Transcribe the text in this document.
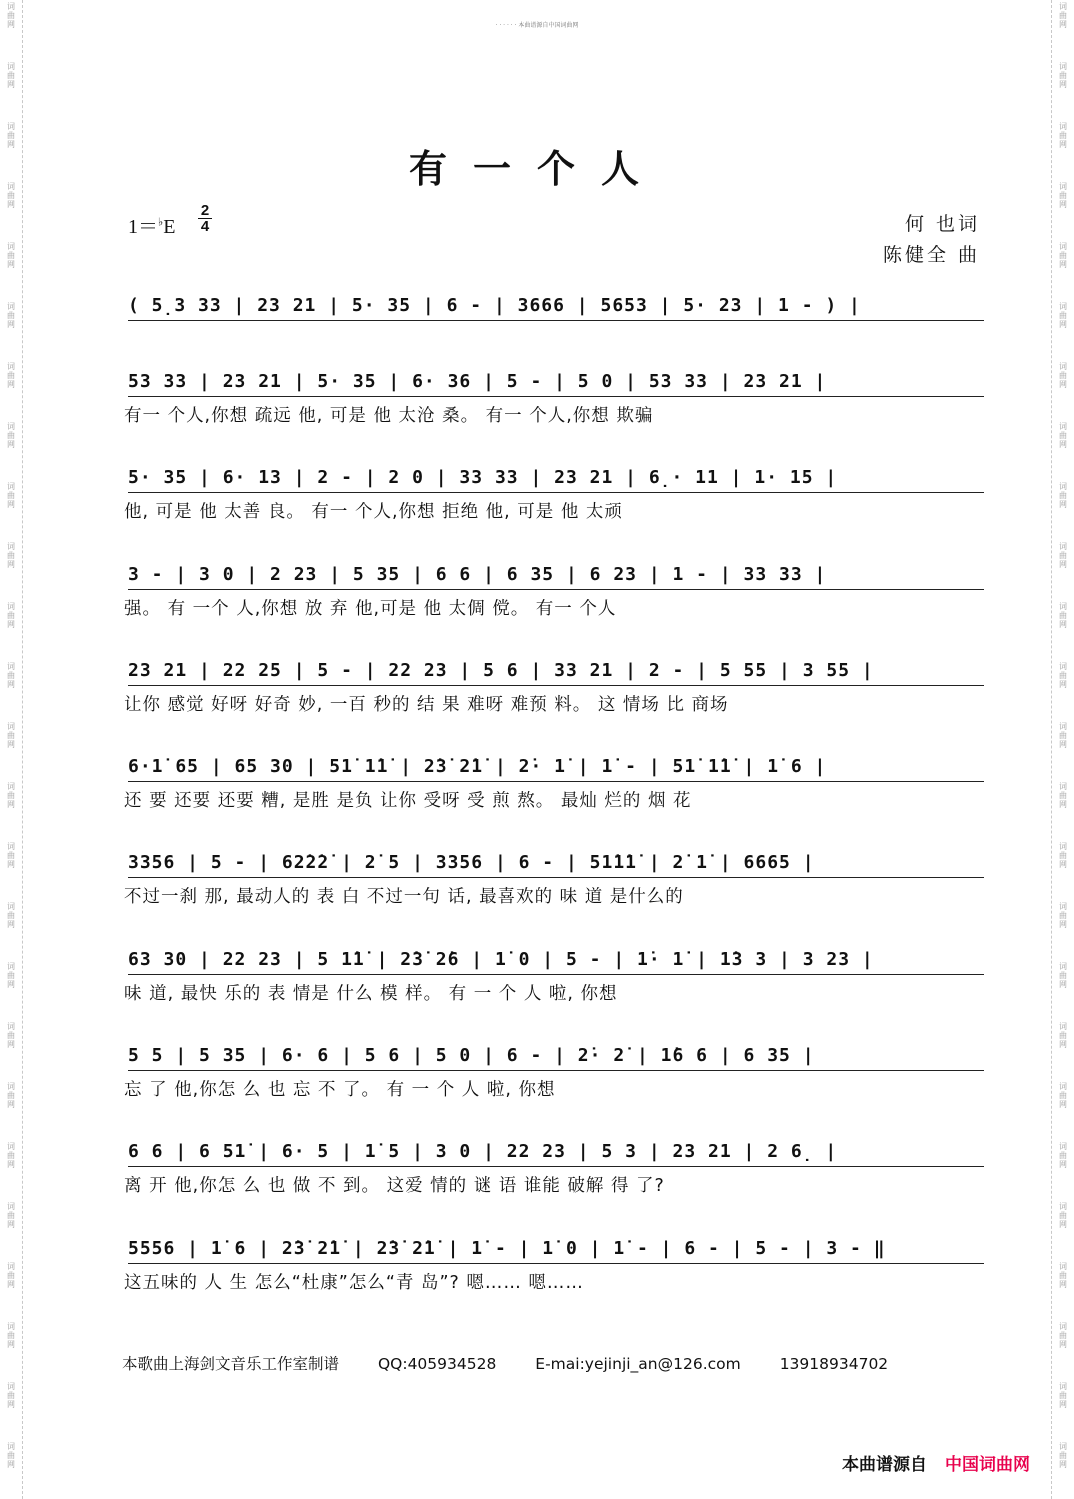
词
曲
网
词
曲
网
词
曲
网
词
曲
网
词
曲
网
词
曲
网
词
曲
网
词
曲
网
词
曲
网
词
曲
网
词
曲
网
词
曲
网
词
曲
网
词
曲
网
词
曲
网
词
曲
网
词
曲
网
词
曲
网
词
曲
网
词
曲
网
词
曲
网
词
曲
网
词
曲
网
词
曲
网
词
曲
网
词
曲
网
词
曲
网
词
曲
网
词
曲
网
词
曲
网
词
曲
网
词
曲
网
词
曲
网
词
曲
网
词
曲
网
词
曲
网
词
曲
网
词
曲
网
词
曲
网
词
曲
网
词
曲
网
词
曲
网
词
曲
网
词
曲
网
词
曲
网
词
曲
网
词
曲
网
词
曲
网
词
曲
网
词
曲
网
· · · · · · 本曲谱源自中国词曲网
有一个人
1＝♭E
2
4	何 也词
陈健全 曲
( 5̣3 33 | 23 21 | 5· 35 | 6 - | 3666 | 5653 | 5· 23 | 1 - ) |
53 33 | 23 21 | 5· 35 | 6· 36 | 5 - | 5 0 | 53 33 | 23 21 |
有一 个人,你想 疏远 他, 可是 他 太沧 桑。 有一 个人,你想 欺骗
5· 35 | 6· 13 | 2 - | 2 0 | 33 33 | 23 21 | 6̣· 11 | 1· 15 |
他, 可是 他 太善 良。 有一 个人,你想 拒绝 他, 可是 他 太顽
3 - | 3 0 | 2 23 | 5 35 | 6 6 | 6 35 | 6 23 | 1 - | 33 33 |
强。 有 一个 人,你想 放 弃 他,可是 他 太倜 傥。 有一 个人
23 21 | 22 25 | 5 - | 22 23 | 5 6 | 33 21 | 2 - | 5 55 | 3 55 |
让你 感觉 好呀 好奇 妙, 一百 秒的 结 果 难呀 难预 料。 这 情场 比 商场
6·1̇ 65 | 65 30 | 51̇ 1̇1̇ | 2̇3̇ 2̇1̇ | 2̇· 1̇ | 1̇ - | 51̇ 1̇1̇ | 1̇ 6 |
还 要 还要 还要 糟, 是胜 是负 让你 受呀 受 煎 熬。 最灿 烂的 烟 花
3356 | 5 - | 62̇2̇2̇ | 2̇ 5 | 3356 | 6 - | 51̇1̇1̇ | 2̇ 1̇ | 6665 |
不过一刹 那, 最动人的 表 白 不过一句 话, 最喜欢的 味 道 是什么的
63 30 | 22 23 | 5 1̇1̇ | 2̇3̇ 2̇6 | 1̇ 0 | 5 - | 1̇· 1̇ | 1̇3 3 | 3 23 |
味 道, 最快 乐的 表 情是 什么 模 样。 有 一 个 人 啦, 你想
5 5 | 5 35 | 6· 6 | 5 6 | 5 0 | 6 - | 2̇· 2̇ | 1̇6 6 | 6 35 |
忘 了 他,你怎 么 也 忘 不 了。 有 一 个 人 啦, 你想
6 6 | 6 51̇ | 6· 5 | 1̇ 5 | 3 0 | 22 23 | 5 3 | 23 21 | 2 6̣ |
离 开 他,你怎 么 也 做 不 到。 这爱 情的 谜 语 谁能 破解 得 了?
5556 | 1̇ 6 | 2̇3̇ 2̇1̇ | 2̇3̇ 2̇1̇ | 1̇ - | 1̇ 0 | 1̇ - | 6 - | 5 - | 3 - ‖
这五味的 人 生 怎么“杜康”怎么“青 岛”? 嗯…… 嗯……
本歌曲上海剑文音乐工作室制谱	QQ:405934528	E-mai:yejinji_an@126.com	13918934702
本曲谱源自 中国词曲网
